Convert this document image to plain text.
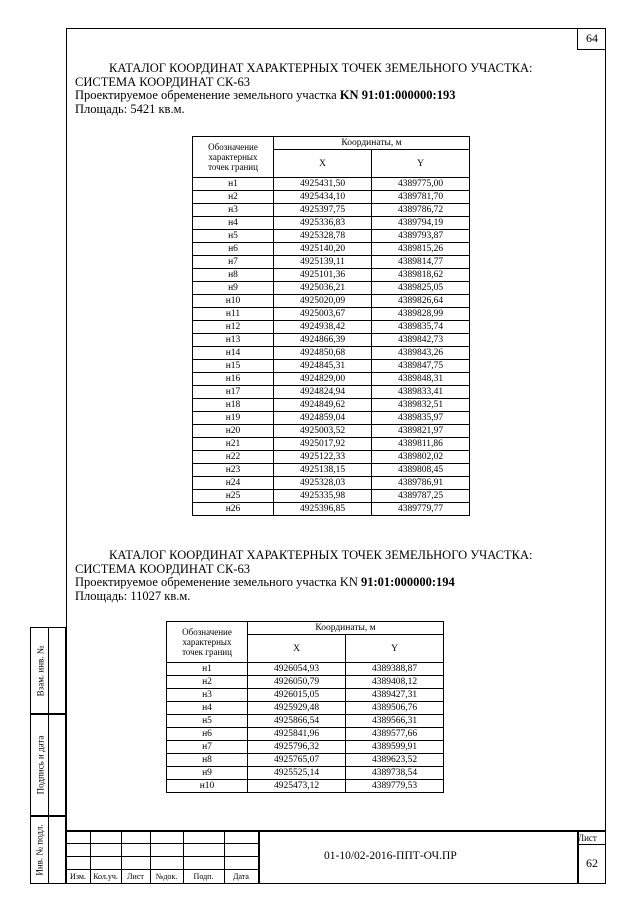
64
КАТАЛОГ КООРДИНАТ ХАРАКТЕРНЫХ ТОЧЕК ЗЕМЕЛЬНОГО УЧАСТКА:
СИСТЕМА КООРДИНАТ СК-63
Проектируемое обременение земельного участка KN 91:01:000000:193
Площадь: 5421 кв.м.
Обозначение характерных точек границ	Координаты, м	
	X	Y
н1	4925431,50	4389775,00
н2	4925434,10	4389781,70
н3	4925397,75	4389786,72
н4	4925336,83	4389794,19
н5	4925328,78	4389793,87
н6	4925140,20	4389815,26
н7	4925139,11	4389814,77
н8	4925101,36	4389818,62
н9	4925036,21	4389825,05
н10	4925020,09	4389826,64
н11	4925003,67	4389828,99
н12	4924938,42	4389835,74
н13	4924866,39	4389842,73
н14	4924850,68	4389843,26
н15	4924845,31	4389847,75
н16	4924829,00	4389848,31
н17	4924824,94	4389833,41
н18	4924849,62	4389832,51
н19	4924859,04	4389835,97
н20	4925003,52	4389821,97
н21	4925017,92	4389811,86
н22	4925122,33	4389802,02
н23	4925138,15	4389808,45
н24	4925328,03	4389786,91
н25	4925335,98	4389787,25
н26	4925396,85	4389779,77
КАТАЛОГ КООРДИНАТ ХАРАКТЕРНЫХ ТОЧЕК ЗЕМЕЛЬНОГО УЧАСТКА:
СИСТЕМА КООРДИНАТ СК-63
Проектируемое обременение земельного участка KN 91:01:000000:194
Площадь: 11027 кв.м.
Обозначение характерных точек границ	Координаты, м	
	X	Y
н1	4926054,93	4389388,87
н2	4926050,79	4389408,12
н3	4926015,05	4389427,31
н4	4925929,48	4389506,76
н5	4925866,54	4389566,31
н6	4925841,96	4389577,66
н7	4925796,32	4389599,91
н8	4925765,07	4389623,52
н9	4925525,14	4389738,54
н10	4925473,12	4389779,53
Взам. инв. №
Подпись и дата
Инв. № подл.
Изм. Кол.уч.	Лист	№док.	Подп.	Дата
01-10/02-2016-ППТ-ОЧ.ПР
Лист
62
